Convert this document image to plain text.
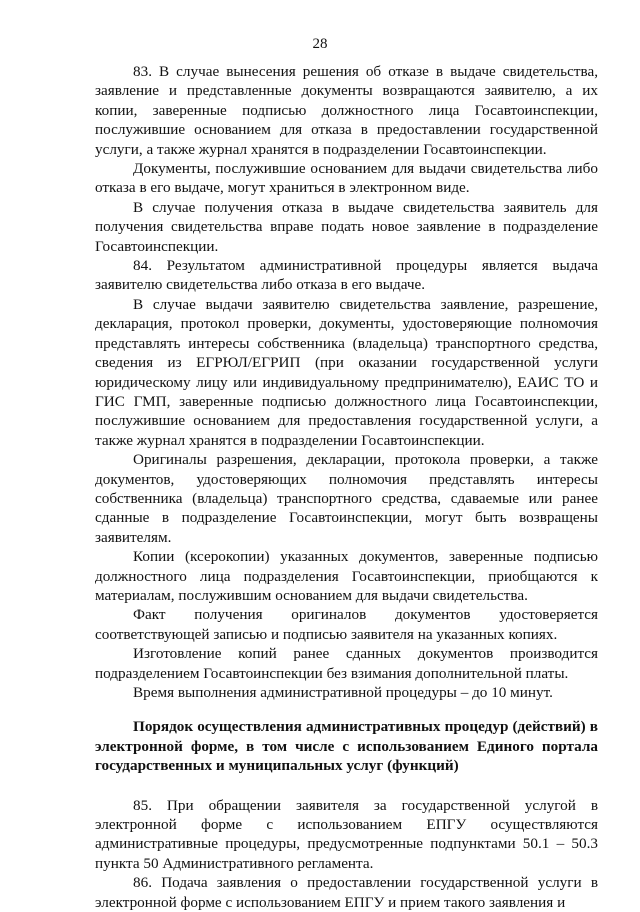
28

83. В случае вынесения решения об отказе в выдаче свидетельства, заявление и представленные документы возвращаются заявителю, а их копии, заверенные подписью должностного лица Госавтоинспекции, послужившие основанием для отказа в предоставлении государственной услуги, а также журнал хранятся в подразделении Госавтоинспекции.

Документы, послужившие основанием для выдачи свидетельства либо отказа в его выдаче, могут храниться в электронном виде.

В случае получения отказа в выдаче свидетельства заявитель для получения свидетельства вправе подать новое заявление в подразделение Госавтоинспекции.

84. Результатом административной процедуры является выдача заявителю свидетельства либо отказа в его выдаче.

В случае выдачи заявителю свидетельства заявление, разрешение, декларация, протокол проверки, документы, удостоверяющие полномочия представлять интересы собственника (владельца) транспортного средства, сведения из ЕГРЮЛ/ЕГРИП (при оказании государственной услуги юридическому лицу или индивидуальному предпринимателю), ЕАИС ТО и ГИС ГМП, заверенные подписью должностного лица Госавтоинспекции, послужившие основанием для предоставления государственной услуги, а также журнал хранятся в подразделении Госавтоинспекции.

Оригиналы разрешения, декларации, протокола проверки, а также документов, удостоверяющих полномочия представлять интересы собственника (владельца) транспортного средства, сдаваемые или ранее сданные в подразделение Госавтоинспекции, могут быть возвращены заявителям.

Копии (ксерокопии) указанных документов, заверенные подписью должностного лица подразделения Госавтоинспекции, приобщаются к материалам, послужившим основанием для выдачи свидетельства.

Факт получения оригиналов документов удостоверяется соответствующей записью и подписью заявителя на указанных копиях.

Изготовление копий ранее сданных документов производится подразделением Госавтоинспекции без взимания дополнительной платы.

Время выполнения административной процедуры – до 10 минут.

Порядок осуществления административных процедур (действий) в электронной форме, в том числе с использованием Единого портала государственных и муниципальных услуг (функций)

85. При обращении заявителя за государственной услугой в электронной форме с использованием ЕПГУ осуществляются административные процедуры, предусмотренные подпунктами 50.1 – 50.3 пункта 50 Административного регламента.

86. Подача заявления о предоставлении государственной услуги в электронной форме с использованием ЕПГУ и прием такого заявления и
